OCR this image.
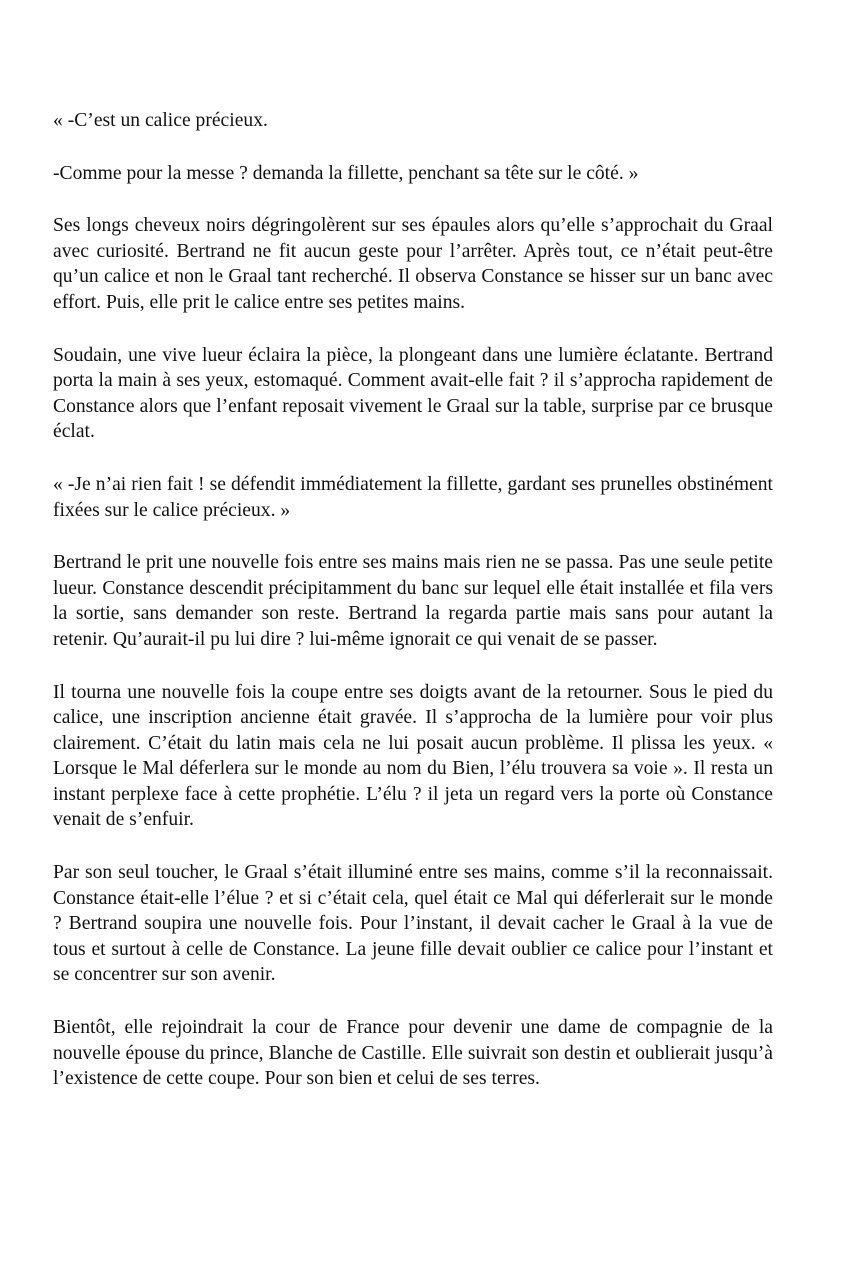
« -C’est un calice précieux.

-Comme pour la messe ? demanda la fillette, penchant sa tête sur le côté. »

Ses longs cheveux noirs dégringolèrent sur ses épaules alors qu’elle s’approchait du Graal avec curiosité. Bertrand ne fit aucun geste pour l’arrêter. Après tout, ce n’était peut-être qu’un calice et non le Graal tant recherché. Il observa Constance se hisser sur un banc avec effort. Puis, elle prit le calice entre ses petites mains.

Soudain, une vive lueur éclaira la pièce, la plongeant dans une lumière éclatante. Bertrand porta la main à ses yeux, estomaqué. Comment avait-elle fait ? il s’approcha rapidement de Constance alors que l’enfant reposait vivement le Graal sur la table, surprise par ce brusque éclat.

« -Je n’ai rien fait ! se défendit immédiatement la fillette, gardant ses prunelles obstinément fixées sur le calice précieux. »

Bertrand le prit une nouvelle fois entre ses mains mais rien ne se passa. Pas une seule petite lueur. Constance descendit précipitamment du banc sur lequel elle était installée et fila vers la sortie, sans demander son reste. Bertrand la regarda partie mais sans pour autant la retenir. Qu’aurait-il pu lui dire ? lui-même ignorait ce qui venait de se passer.

Il tourna une nouvelle fois la coupe entre ses doigts avant de la retourner. Sous le pied du calice, une inscription ancienne était gravée. Il s’approcha de la lumière pour voir plus clairement. C’était du latin mais cela ne lui posait aucun problème. Il plissa les yeux. « Lorsque le Mal déferlera sur le monde au nom du Bien, l’élu trouvera sa voie ». Il resta un instant perplexe face à cette prophétie. L’élu ? il jeta un regard vers la porte où Constance venait de s’enfuir.

Par son seul toucher, le Graal s’était illuminé entre ses mains, comme s’il la reconnaissait. Constance était-elle l’élue ? et si c’était cela, quel était ce Mal qui déferlerait sur le monde ? Bertrand soupira une nouvelle fois. Pour l’instant, il devait cacher le Graal à la vue de tous et surtout à celle de Constance. La jeune fille devait oublier ce calice pour l’instant et se concentrer sur son avenir.

Bientôt, elle rejoindrait la cour de France pour devenir une dame de compagnie de la nouvelle épouse du prince, Blanche de Castille. Elle suivrait son destin et oublierait jusqu’à l’existence de cette coupe. Pour son bien et celui de ses terres.
